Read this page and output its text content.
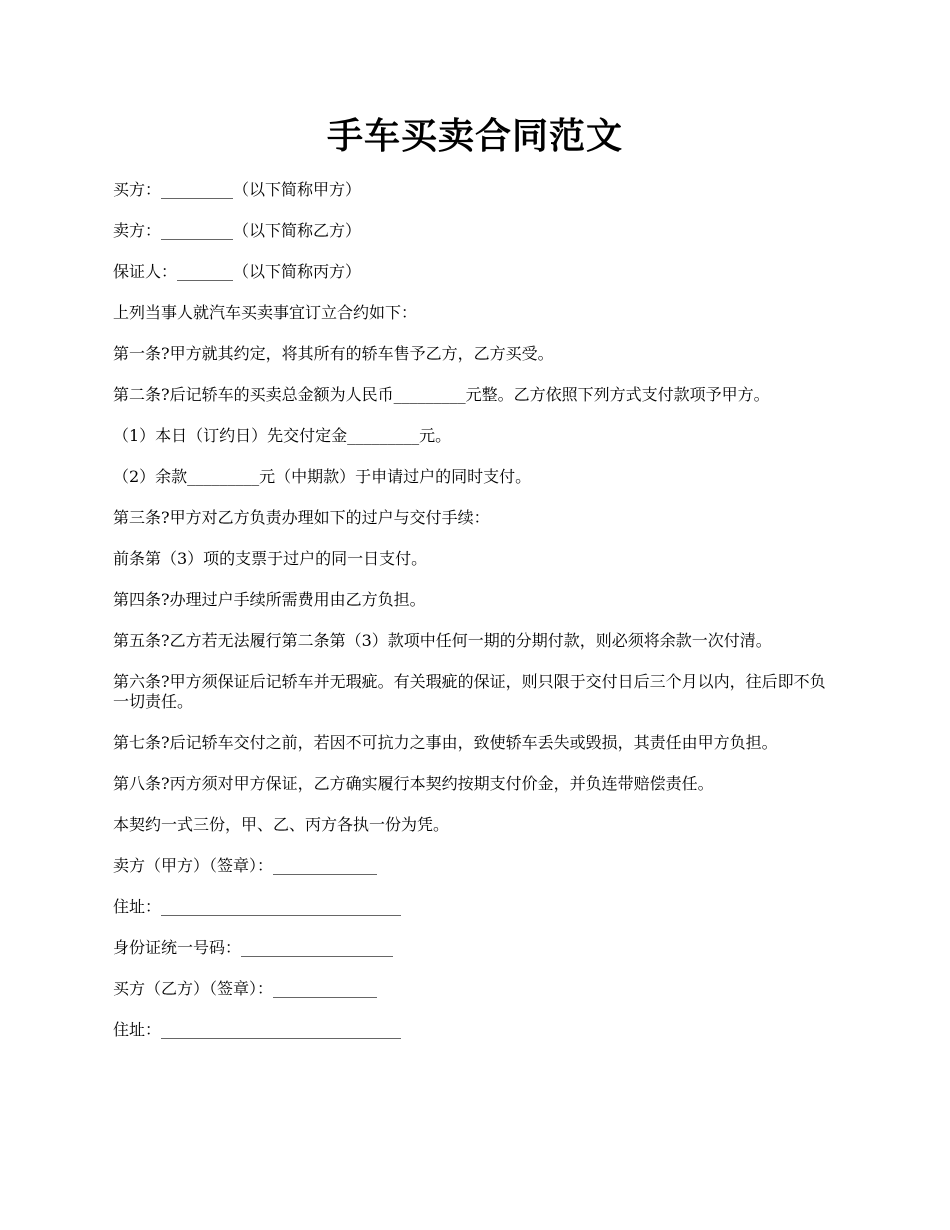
手车买卖合同范文

买方：_________（以下简称甲方）

卖方：_________（以下简称乙方）

保证人：_______（以下简称丙方）

上列当事人就汽车买卖事宜订立合约如下：

第一条?甲方就其约定，将其所有的轿车售予乙方，乙方买受。

第二条?后记轿车的买卖总金额为人民币_________元整。乙方依照下列方式支付款项予甲方。

（1）本日（订约日）先交付定金_________元。

（2）余款_________元（中期款）于申请过户的同时支付。

第三条?甲方对乙方负责办理如下的过户与交付手续：

前条第（3）项的支票于过户的同一日支付。

第四条?办理过户手续所需费用由乙方负担。

第五条?乙方若无法履行第二条第（3）款项中任何一期的分期付款，则必须将余款一次付清。

第六条?甲方须保证后记轿车并无瑕疵。有关瑕疵的保证，则只限于交付日后三个月以内，往后即不负一切责任。

第七条?后记轿车交付之前，若因不可抗力之事由，致使轿车丢失或毁损，其责任由甲方负担。

第八条?丙方须对甲方保证，乙方确实履行本契约按期支付价金，并负连带赔偿责任。

本契约一式三份，甲、乙、丙方各执一份为凭。

卖方（甲方）（签章）：_____________

住址：______________________________

身份证统一号码：___________________

买方（乙方）（签章）：_____________

住址：______________________________
